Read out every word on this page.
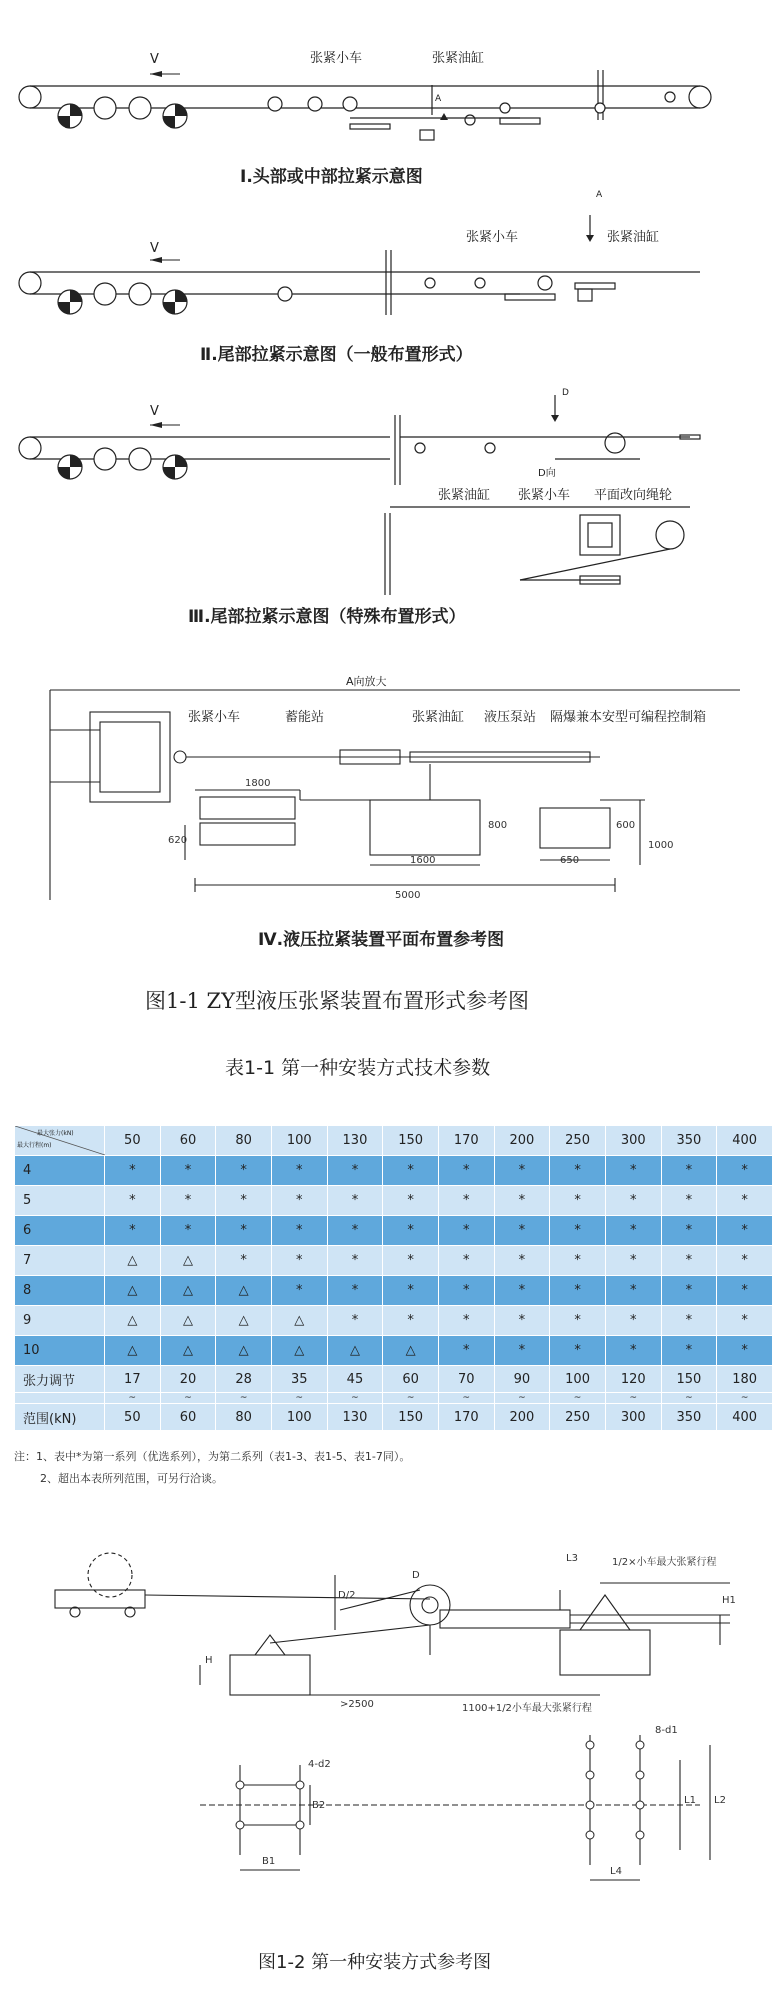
V	张紧小车	张紧油缸
A
Ⅰ.头部或中部拉紧示意图
V
A
张紧小车	张紧油缸
Ⅱ.尾部拉紧示意图（一般布置形式）
V
D
D向
张紧油缸 张紧小车 平面改向绳轮
Ⅲ.尾部拉紧示意图（特殊布置形式）
A向放大
张紧小车	蓄能站	张紧油缸 液压泵站 隔爆兼本安型可编程控制箱
1800
620
1600
800
650
600
1000
5000
Ⅳ.液压拉紧装置平面布置参考图
图1-1 ZY型液压张紧装置布置形式参考图
表1-1 第一种安装方式技术参数
最大张力(kN)
最大行程(m)	50	60	80	100	130	150	170	200	250	300	350	400
4	*	*	*	*	*	*	*	*	*	*	*	*
5	*	*	*	*	*	*	*	*	*	*	*	*
6	*	*	*	*	*	*	*	*	*	*	*	*
7	△	△	*	*	*	*	*	*	*	*	*	*
8	△	△	△	*	*	*	*	*	*	*	*	*
9	△	△	△	△	*	*	*	*	*	*	*	*
10	△	△	△	△	△	△	*	*	*	*	*	*
张力调节	17	20	28	35	45	60	70	90	100	120	150	180
	~	~	~	~	~	~	~	~	~	~	~	~
范围(kN)	50	60	80	100	130	150	170	200	250	300	350	400
注：1、表中*为第一系列（优选系列），为第二系列（表1-3、表1-5、表1-7同）。
2、超出本表所列范围，可另行洽谈。
L3	1/2×小车最大张紧行程
H1
H
D
D/2
>2500	1100+1/2小车最大张紧行程
4-d2
B2
B1
8-d1
L1 L2
L4
图1-2 第一种安装方式参考图
